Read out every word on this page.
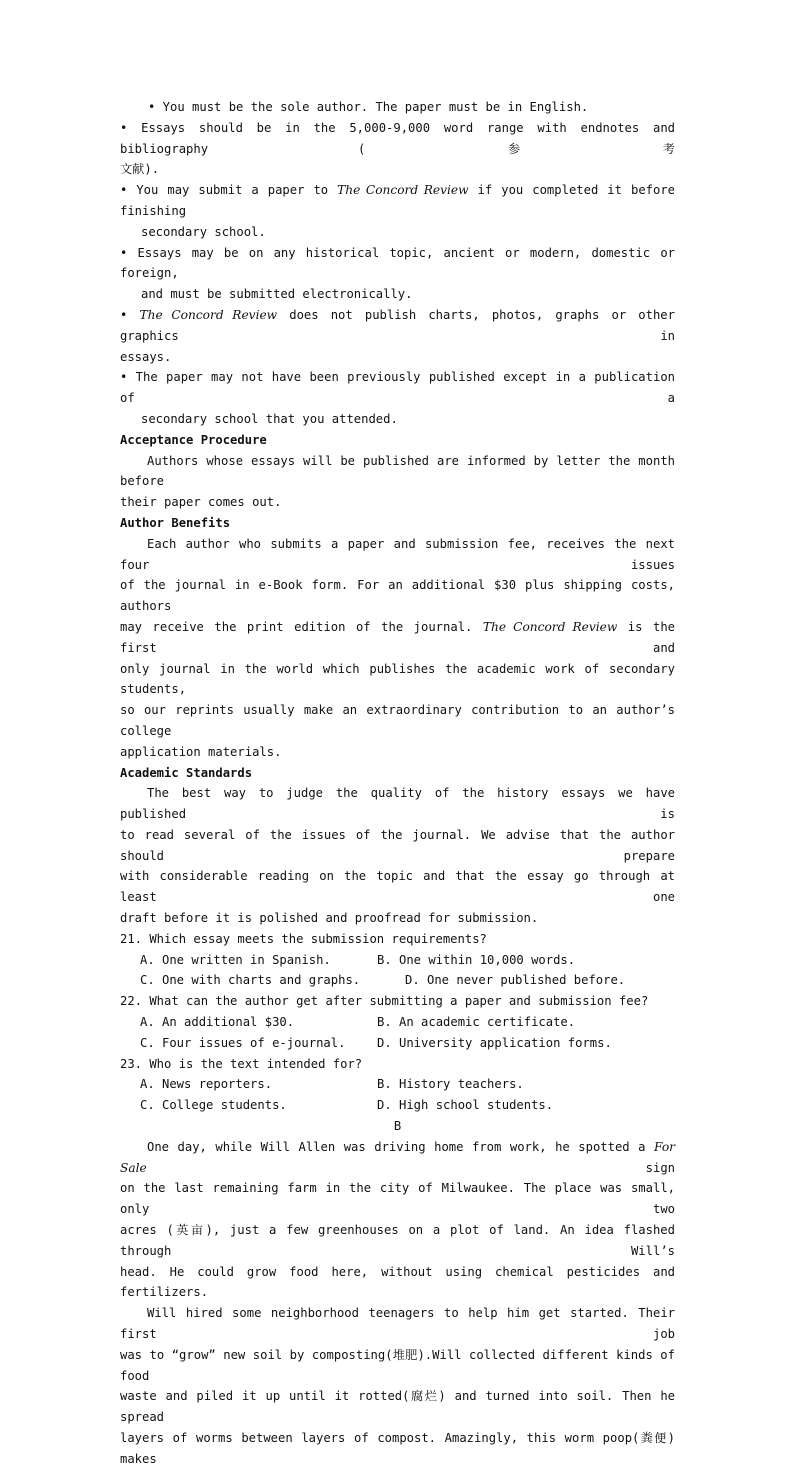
• You must be the sole author. The paper must be in English.
• Essays should be in the 5,000-9,000 word range with endnotes and bibliography (参考
文献).
• You may submit a paper to The Concord Review if you completed it before finishing
secondary school.
• Essays may be on any historical topic, ancient or modern, domestic or foreign,
and must be submitted electronically.
• The Concord Review does not publish charts, photos, graphs or other graphics in
essays.
• The paper may not have been previously published except in a publication of a
secondary school that you attended.
Acceptance Procedure
Authors whose essays will be published are informed by letter the month before
their paper comes out.
Author Benefits
Each author who submits a paper and submission fee, receives the next four issues
of the journal in e-Book form. For an additional $30 plus shipping costs, authors
may receive the print edition of the journal. The Concord Review is the first and
only journal in the world which publishes the academic work of secondary students,
so our reprints usually make an extraordinary contribution to an author’s college
application materials.
Academic Standards
The best way to judge the quality of the history essays we have published is
to read several of the issues of the journal. We advise that the author should prepare
with considerable reading on the topic and that the essay go through at least one
draft before it is polished and proofread for submission.
21. Which essay meets the submission requirements?
A. One written in Spanish.	B. One within 10,000 words.
C. One with charts and graphs.	D. One never published before.
22. What can the author get after submitting a paper and submission fee?
A. An additional $30.	B. An academic certificate.
C. Four issues of e-journal.	D. University application forms.
23. Who is the text intended for?
A. News reporters.	B. History teachers.
C. College students.	D. High school students.
B
One day, while Will Allen was driving home from work, he spotted a For Sale sign
on the last remaining farm in the city of Milwaukee. The place was small, only two
acres (英亩), just a few greenhouses on a plot of land. An idea flashed through Will’s
head. He could grow food here, without using chemical pesticides and fertilizers.
Will hired some neighborhood teenagers to help him get started. Their first job
was to “grow” new soil by composting(堆肥).Will collected different kinds of food
waste and piled it up until it rotted(腐烂) and turned into soil. Then he spread
layers of worms between layers of compost. Amazingly, this worm poop(粪便) makes
